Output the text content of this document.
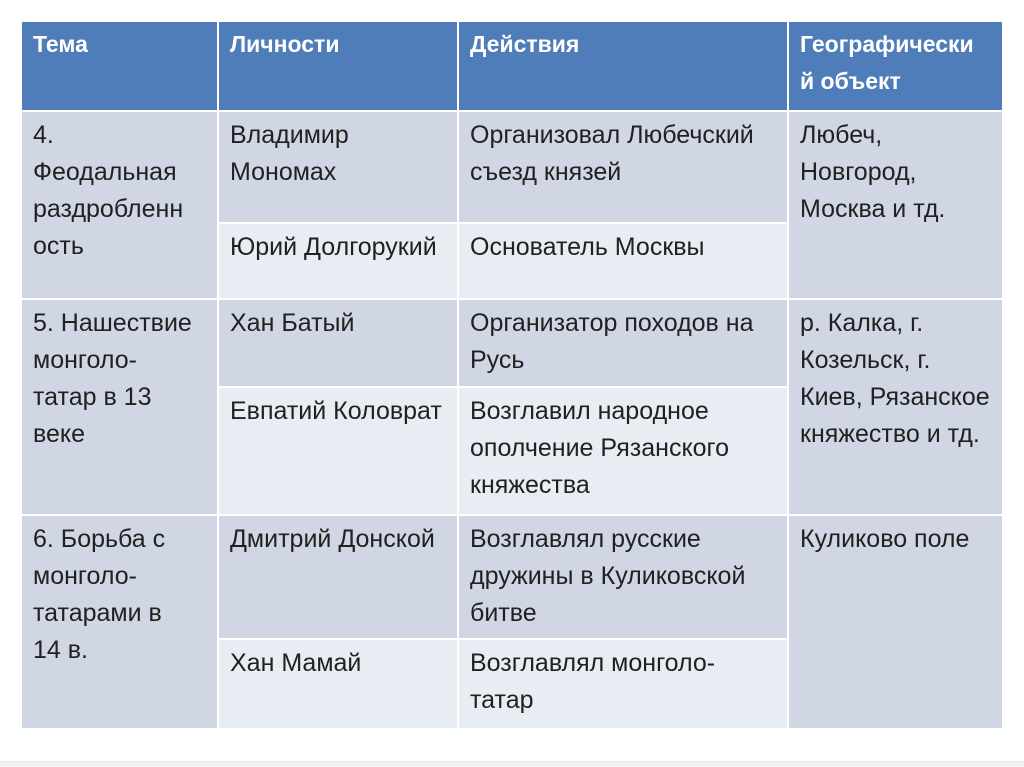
Тема	Личности	Действия	Географический объект
4. Феодальная раздробленность	Владимир Мономах	Организовал Любечский съезд князей	Любеч, Новгород, Москва и тд.
	Юрий Долгорукий	Основатель Москвы	
5. Нашествие монголо-татар в 13 веке	Хан Батый	Организатор походов на Русь	р. Калка, г. Козельск, г. Киев, Рязанское княжество и тд.
	Евпатий Коловрат	Возглавил народное ополчение Рязанского княжества	
6. Борьба с монголо-татарами в 14 в.	Дмитрий Донской	Возглавлял русские дружины в Куликовской битве	Куликово поле
	Хан Мамай	Возглавлял монголо-татар	
